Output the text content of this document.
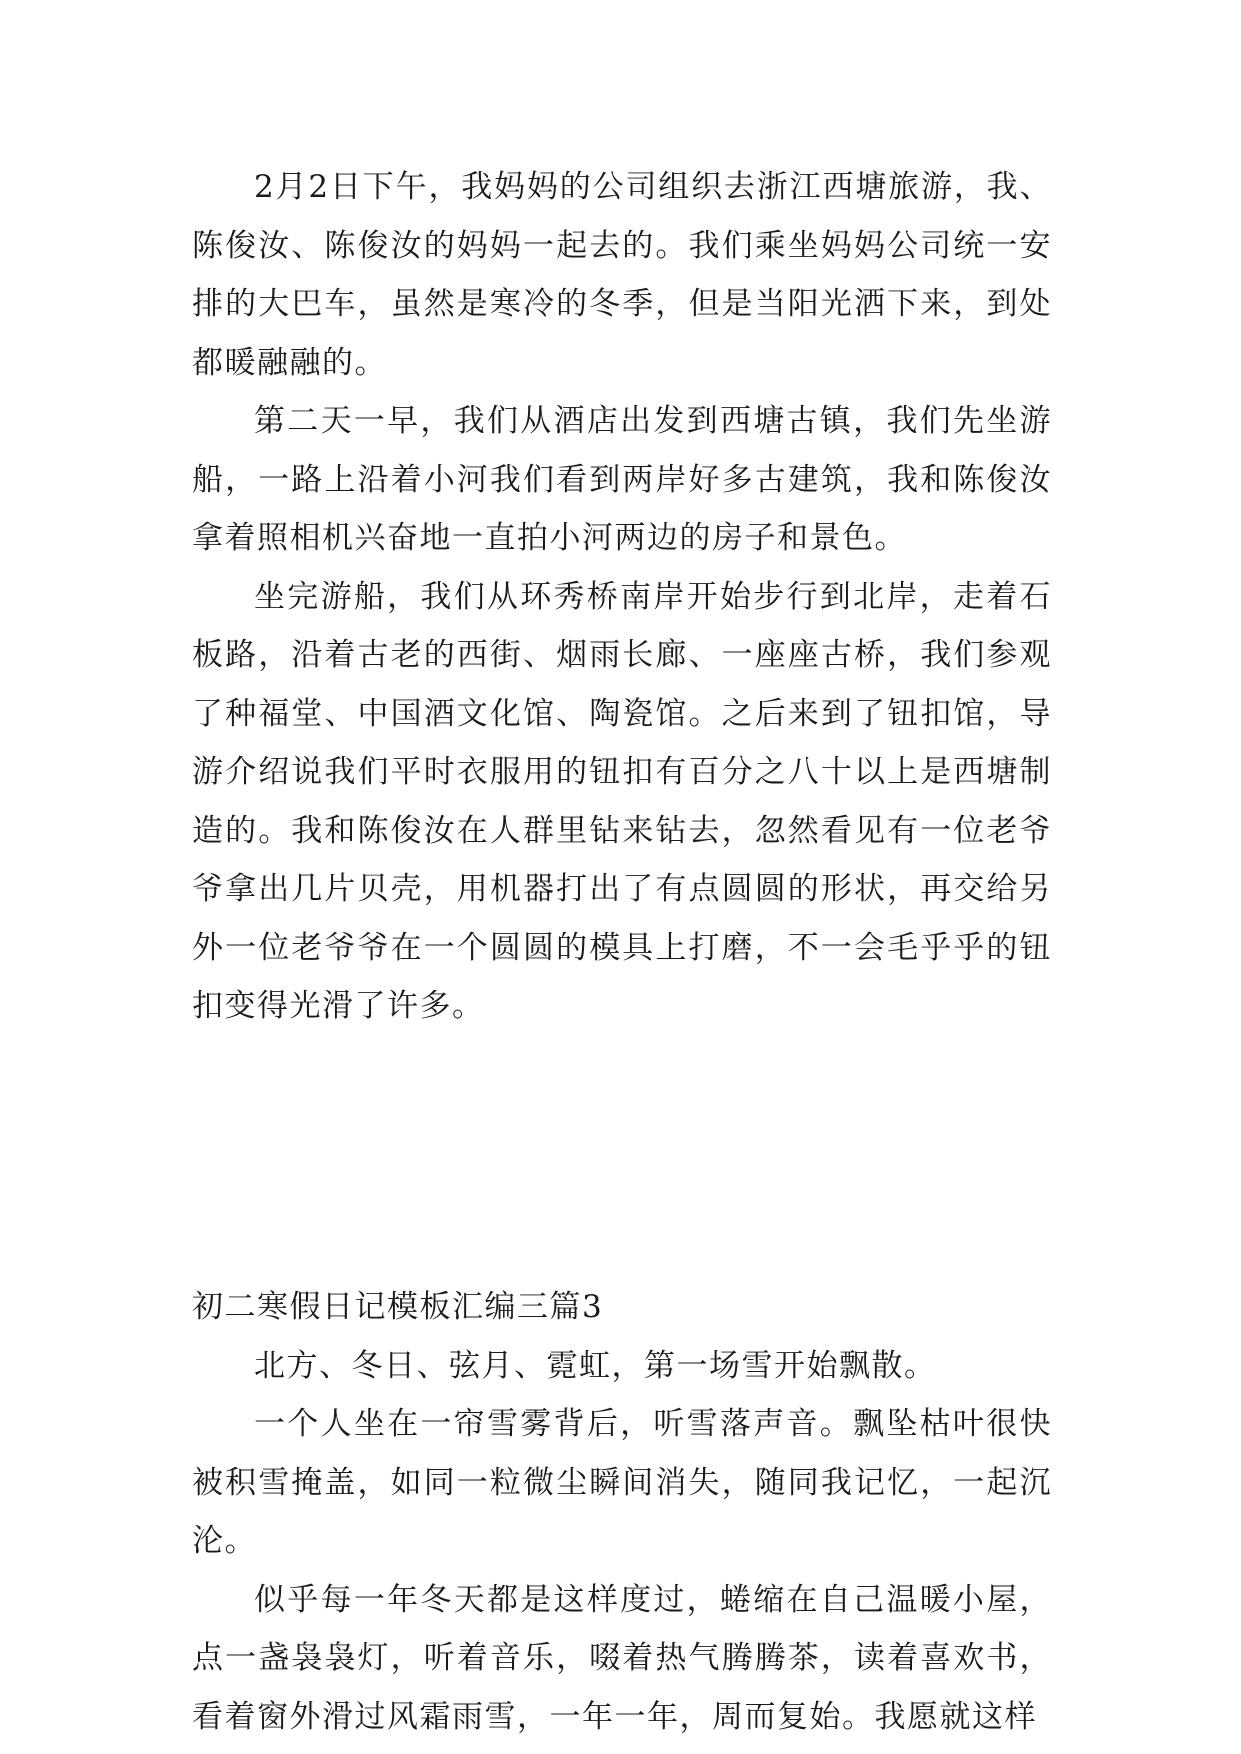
2月2日下午，我妈妈的公司组织去浙江西塘旅游，我、陈俊汝、陈俊汝的妈妈一起去的。我们乘坐妈妈公司统一安排的大巴车，虽然是寒冷的冬季，但是当阳光洒下来，到处都暖融融的。

第二天一早，我们从酒店出发到西塘古镇，我们先坐游船，一路上沿着小河我们看到两岸好多古建筑，我和陈俊汝拿着照相机兴奋地一直拍小河两边的房子和景色。

坐完游船，我们从环秀桥南岸开始步行到北岸，走着石板路，沿着古老的西街、烟雨长廊、一座座古桥，我们参观了种福堂、中国酒文化馆、陶瓷馆。之后来到了钮扣馆，导游介绍说我们平时衣服用的钮扣有百分之八十以上是西塘制造的。我和陈俊汝在人群里钻来钻去，忽然看见有一位老爷爷拿出几片贝壳，用机器打出了有点圆圆的形状，再交给另外一位老爷爷在一个圆圆的模具上打磨，不一会毛乎乎的钮扣变得光滑了许多。

初二寒假日记模板汇编三篇3

北方、冬日、弦月、霓虹，第一场雪开始飘散。

一个人坐在一帘雪雾背后，听雪落声音。飘坠枯叶很快被积雪掩盖，如同一粒微尘瞬间消失，随同我记忆，一起沉沦。

似乎每一年冬天都是这样度过，蜷缩在自己温暖小屋，点一盏袅袅灯，听着音乐，啜着热气腾腾茶，读着喜欢书，看着窗外滑过风霜雨雪，一年一年，周而复始。我愿就这样
